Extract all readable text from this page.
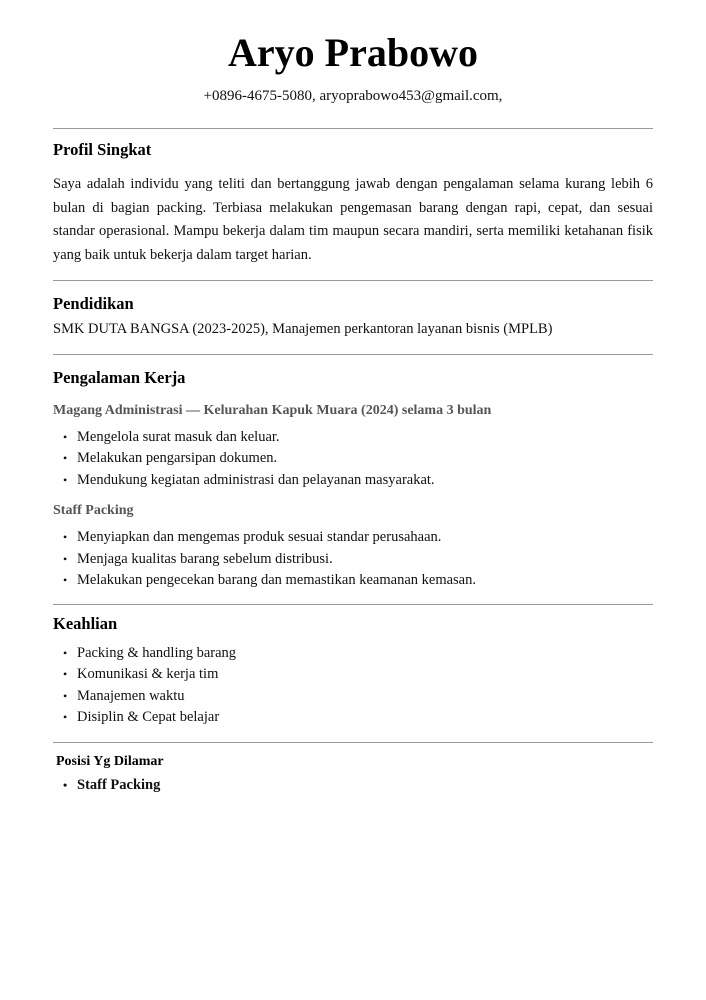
Aryo Prabowo
+0896-4675-5080, aryoprabowo453@gmail.com,
Profil Singkat

Saya adalah individu yang teliti dan bertanggung jawab dengan pengalaman selama kurang lebih 6 bulan di bagian packing. Terbiasa melakukan pengemasan barang dengan rapi, cepat, dan sesuai standar operasional. Mampu bekerja dalam tim maupun secara mandiri, serta memiliki ketahanan fisik yang baik untuk bekerja dalam target harian.

Pendidikan

SMK DUTA BANGSA (2023-2025), Manajemen perkantoran layanan bisnis (MPLB)

Pengalaman Kerja
Magang Administrasi — Kelurahan Kapuk Muara (2024) selama 3 bulan
• Mengelola surat masuk dan keluar.
• Melakukan pengarsipan dokumen.
• Mendukung kegiatan administrasi dan pelayanan masyarakat.
Staff Packing
• Menyiapkan dan mengemas produk sesuai standar perusahaan.
• Menjaga kualitas barang sebelum distribusi.
• Melakukan pengecekan barang dan memastikan keamanan kemasan.
Keahlian
• Packing & handling barang
• Komunikasi & kerja tim
• Manajemen waktu
• Disiplin & Cepat belajar
Posisi Yg Dilamar
• Staff Packing
